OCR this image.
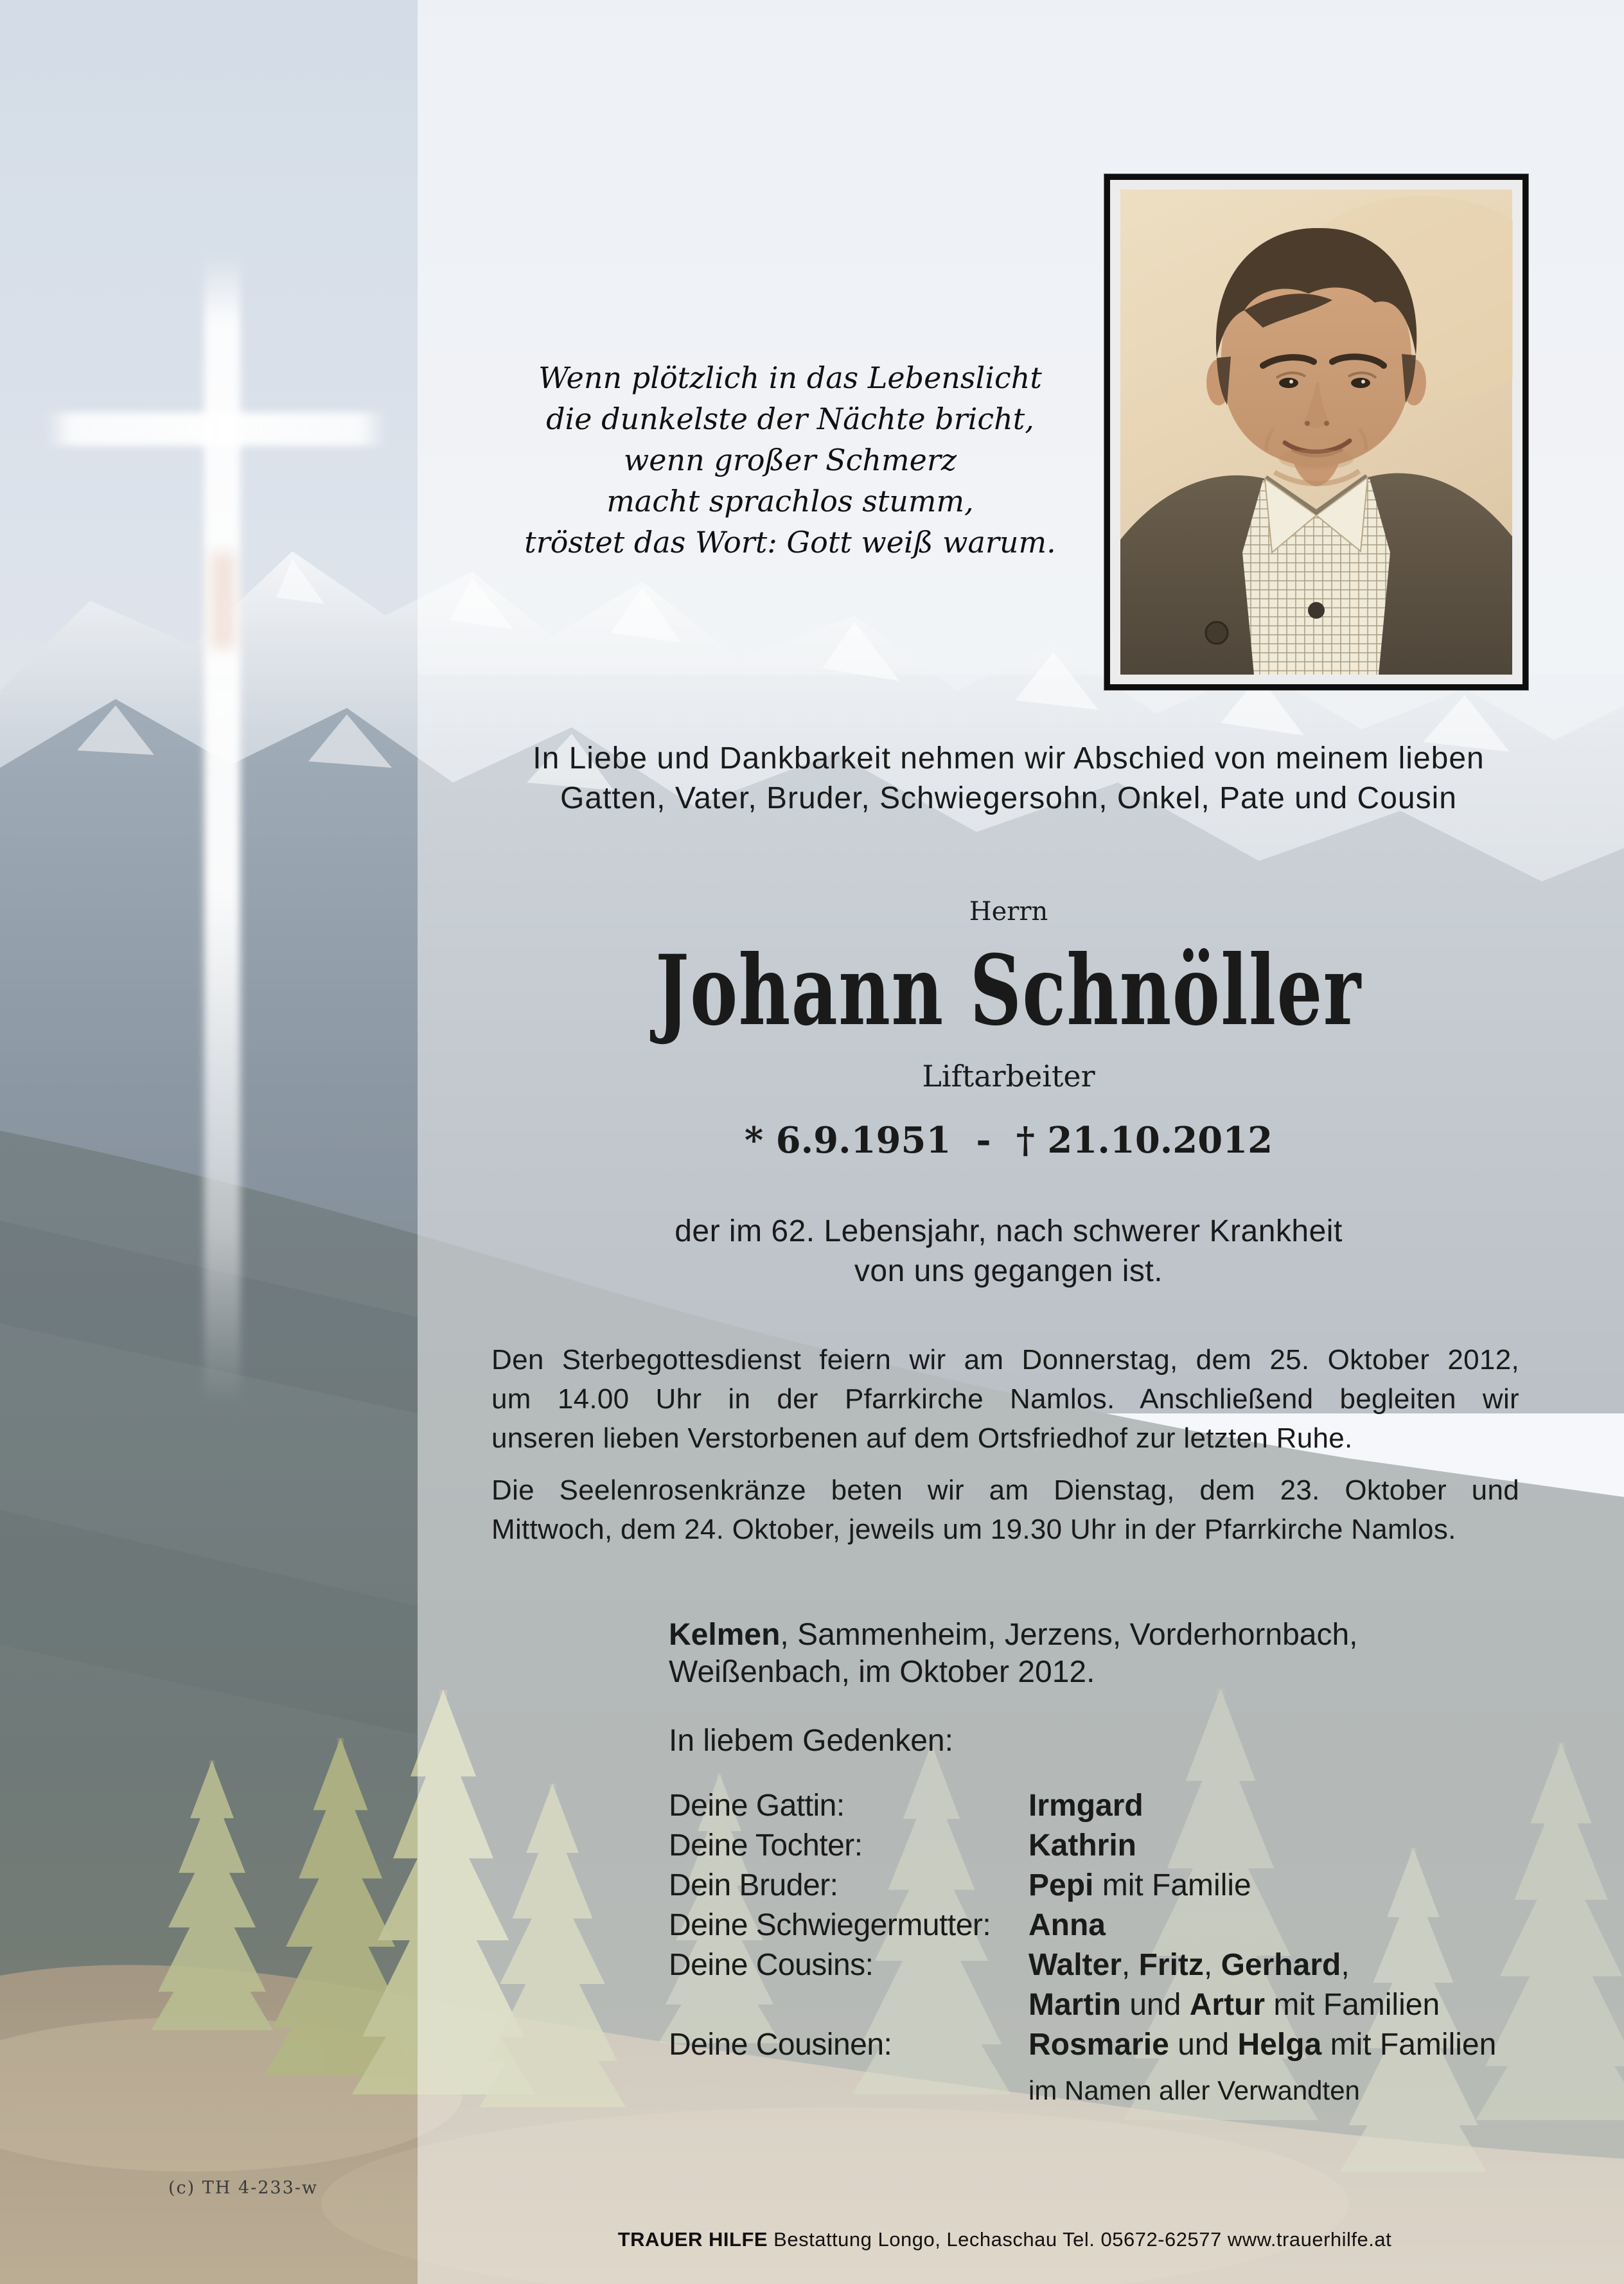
Wenn plötzlich in das Lebenslicht
die dunkelste der Nächte bricht,
wenn großer Schmerz
macht sprachlos stumm,
tröstet das Wort: Gott weiß warum.
In Liebe und Dankbarkeit nehmen wir Abschied von meinem lieben
Gatten, Vater, Bruder, Schwiegersohn, Onkel, Pate und Cousin
Herrn
Johann Schnöller
Liftarbeiter
* 6.9.1951  -  † 21.10.2012
der im 62. Lebensjahr, nach schwerer Krankheit
von uns gegangen ist.
Den Sterbegottesdienst feiern wir am Donnerstag, dem 25. Oktober 2012,
um 14.00 Uhr in der Pfarrkirche Namlos. Anschließend begleiten wir
unseren lieben Verstorbenen auf dem Ortsfriedhof zur letzten Ruhe.
Die Seelenrosenkränze beten wir am Dienstag, dem 23. Oktober und
Mittwoch, dem 24. Oktober, jeweils um 19.30 Uhr in der Pfarrkirche Namlos.
Kelmen, Sammenheim, Jerzens, Vorderhornbach,
Weißenbach, im Oktober 2012.
In liebem Gedenken:
Deine Gattin:	Irmgard
Deine Tochter:	Kathrin
Dein Bruder:	Pepi mit Familie
Deine Schwiegermutter:	Anna
Deine Cousins:	Walter, Fritz, Gerhard,
Martin und Artur mit Familien
Deine Cousinen:	Rosmarie und Helga mit Familien
im Namen aller Verwandten
(c) TH 4-233-w
TRAUER HILFE Bestattung Longo, Lechaschau Tel. 05672-62577 www.trauerhilfe.at
